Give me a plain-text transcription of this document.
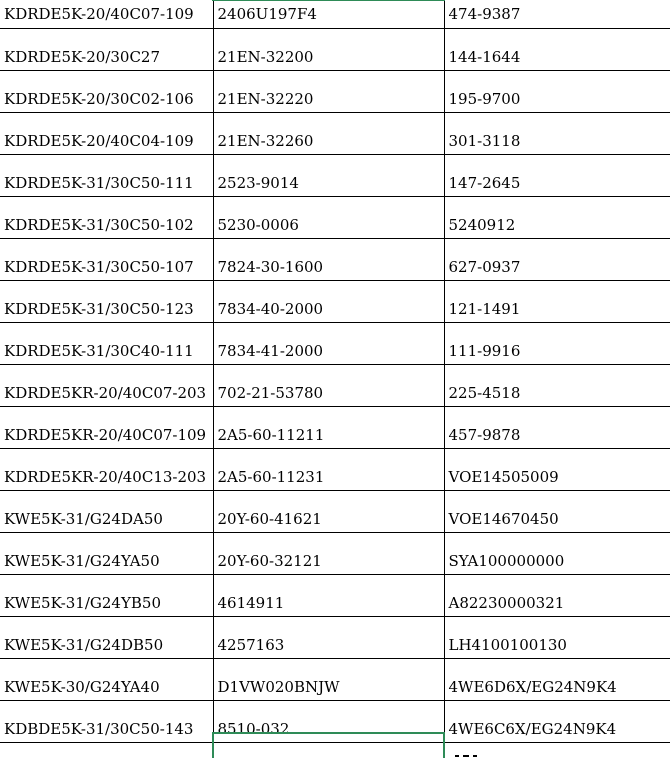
KDRDE5K-20/40C07-109	2406U197F4	474-9387

KDRDE5K-20/30C27	21EN-32200	144-1644

KDRDE5K-20/30C02-106	21EN-32220	195-9700

KDRDE5K-20/40C04-109	21EN-32260	301-3118

KDRDE5K-31/30C50-111	2523-9014	147-2645

KDRDE5K-31/30C50-102	5230-0006	5240912

KDRDE5K-31/30C50-107	7824-30-1600	627-0937

KDRDE5K-31/30C50-123	7834-40-2000	121-1491

KDRDE5K-31/30C40-111	7834-41-2000	111-9916

KDRDE5KR-20/40C07-203	702-21-53780	225-4518

KDRDE5KR-20/40C07-109	2A5-60-11211	457-9878

KDRDE5KR-20/40C13-203	2A5-60-11231	VOE14505009

KWE5K-31/G24DA50	20Y-60-41621	VOE14670450

KWE5K-31/G24YA50	20Y-60-32121	SYA100000000

KWE5K-31/G24YB50	4614911	A82230000321

KWE5K-31/G24DB50	4257163	LH4100100130

KWE5K-30/G24YA40	D1VW020BNJW	4WE6D6X/EG24N9K4

KDBDE5K-31/30C50-143	8510-032	4WE6C6X/EG24N9K4
